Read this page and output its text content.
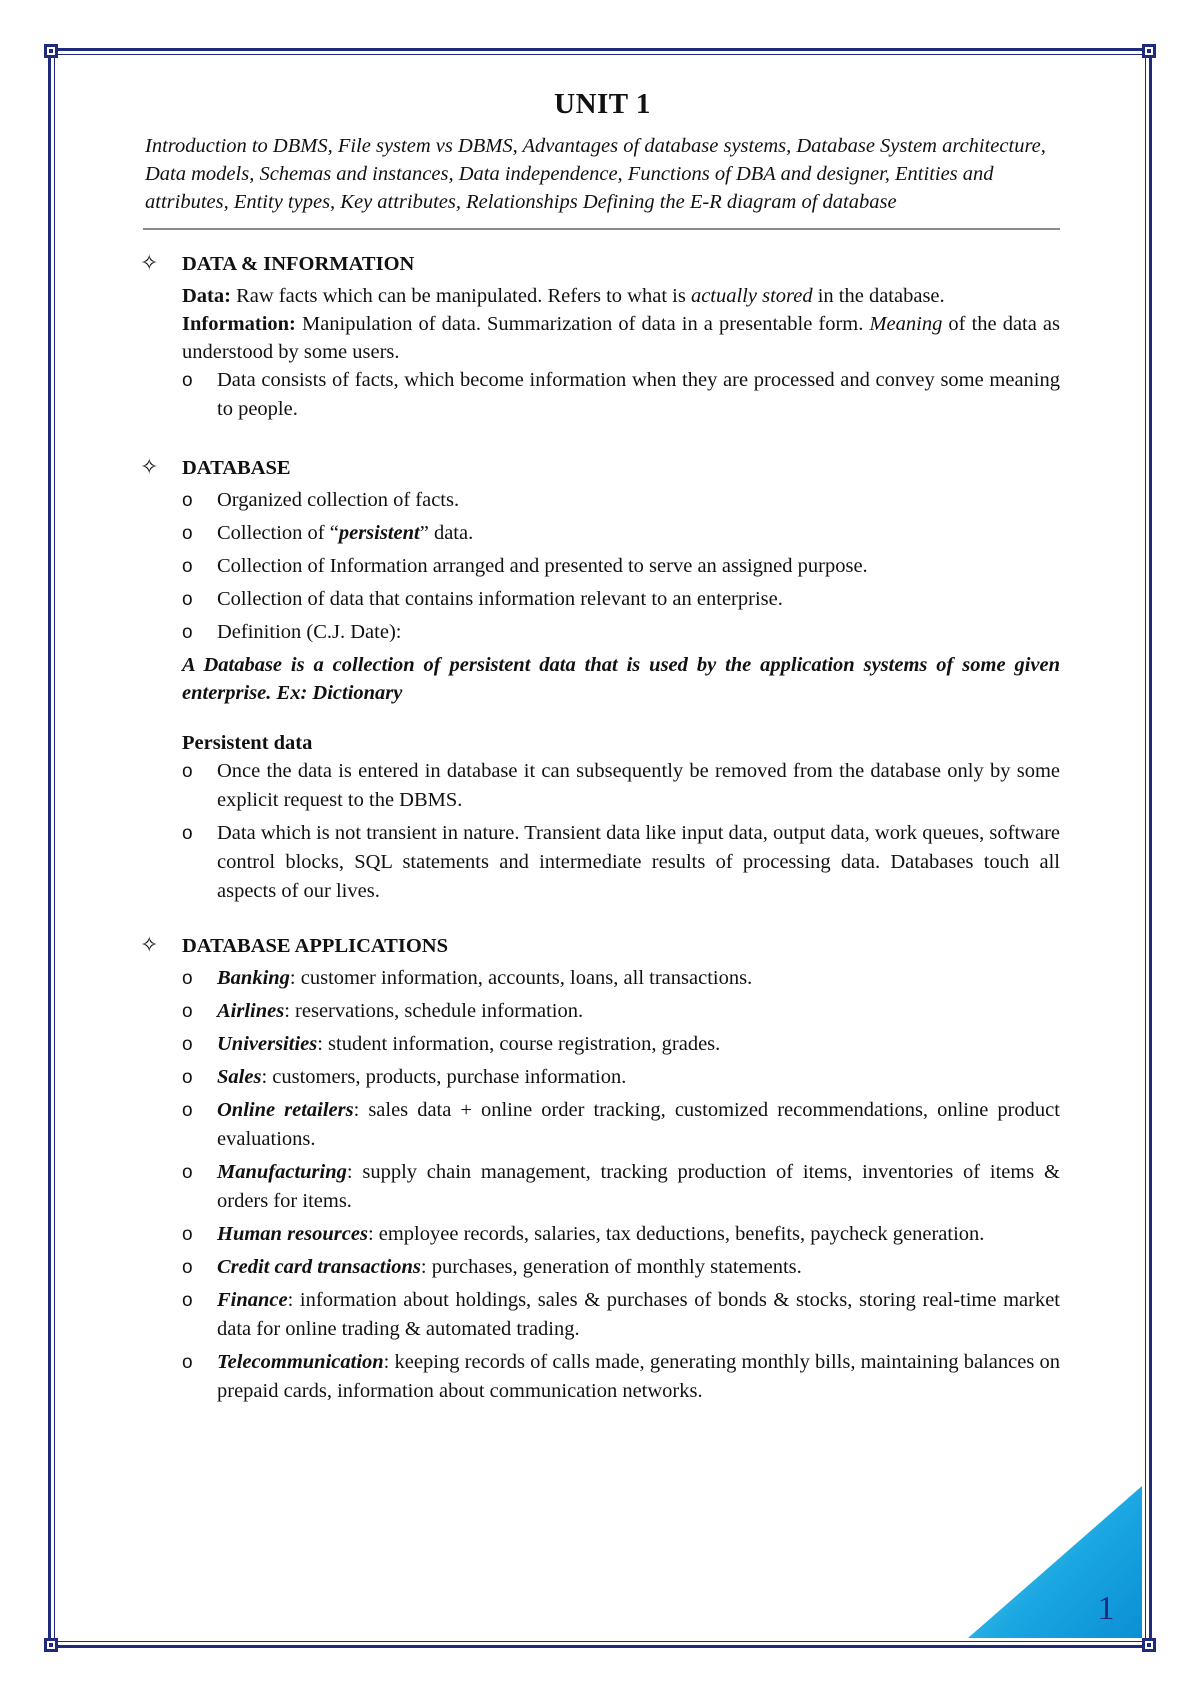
1
UNIT 1
Introduction to DBMS, File system vs DBMS, Advantages of database systems, Database System architecture, Data models, Schemas and instances, Data independence, Functions of DBA and designer, Entities and attributes, Entity types, Key attributes, Relationships Defining the E-R diagram of database
✧ DATA & INFORMATION

Data: Raw facts which can be manipulated. Refers to what is actually stored in the database.

Information: Manipulation of data. Summarization of data in a presentable form. Meaning of the data as understood by some users.

o Data consists of facts, which become information when they are processed and convey some meaning to people.
✧ DATABASE
o Organized collection of facts.
o Collection of “persistent” data.
o Collection of Information arranged and presented to serve an assigned purpose.
o Collection of data that contains information relevant to an enterprise.
o Definition (C.J. Date):
A Database is a collection of persistent data that is used by the application systems of some given enterprise. Ex: Dictionary
Persistent data
o Once the data is entered in database it can subsequently be removed from the database only by some explicit request to the DBMS.
o Data which is not transient in nature. Transient data like input data, output data, work queues, software control blocks, SQL statements and intermediate results of processing data. Databases touch all aspects of our lives.
✧ DATABASE APPLICATIONS
o Banking: customer information, accounts, loans, all transactions.
o Airlines: reservations, schedule information.
o Universities: student information, course registration, grades.
o Sales: customers, products, purchase information.
o Online retailers: sales data + online order tracking, customized recommendations, online product evaluations.
o Manufacturing: supply chain management, tracking production of items, inventories of items & orders for items.
o Human resources: employee records, salaries, tax deductions, benefits, paycheck generation.
o Credit card transactions: purchases, generation of monthly statements.
o Finance: information about holdings, sales & purchases of bonds & stocks, storing real-time market data for online trading & automated trading.
o Telecommunication: keeping records of calls made, generating monthly bills, maintaining balances on prepaid cards, information about communication networks.
